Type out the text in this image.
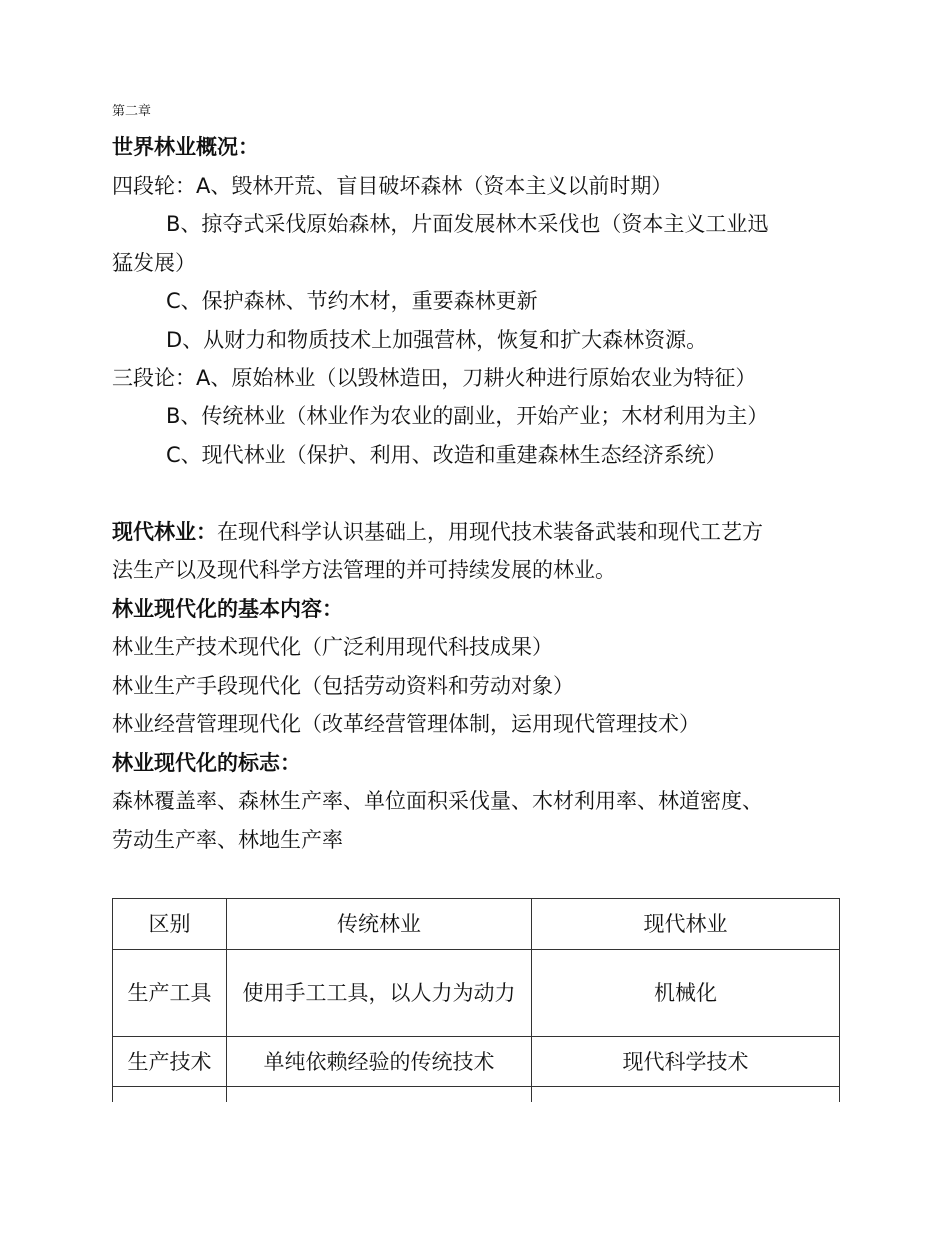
第二章
世界林业概况：
四段轮：A、毁林开荒、盲目破坏森林（资本主义以前时期）
B、掠夺式采伐原始森林，片面发展林木采伐也（资本主义工业迅
猛发展）
C、保护森林、节约木材，重要森林更新
D、从财力和物质技术上加强营林，恢复和扩大森林资源。
三段论：A、原始林业（以毁林造田，刀耕火种进行原始农业为特征）
B、传统林业（林业作为农业的副业，开始产业；木材利用为主）
C、现代林业（保护、利用、改造和重建森林生态经济系统）
现代林业：在现代科学认识基础上，用现代技术装备武装和现代工艺方
法生产以及现代科学方法管理的并可持续发展的林业。
林业现代化的基本内容：
林业生产技术现代化（广泛利用现代科技成果）
林业生产手段现代化（包括劳动资料和劳动对象）
林业经营管理现代化（改革经营管理体制，运用现代管理技术）
林业现代化的标志：
森林覆盖率、森林生产率、单位面积采伐量、木材利用率、林道密度、
劳动生产率、林地生产率
区别	传统林业	现代林业
生产工具	使用手工工具，以人力为动力	机械化
生产技术	单纯依赖经验的传统技术	现代科学技术
